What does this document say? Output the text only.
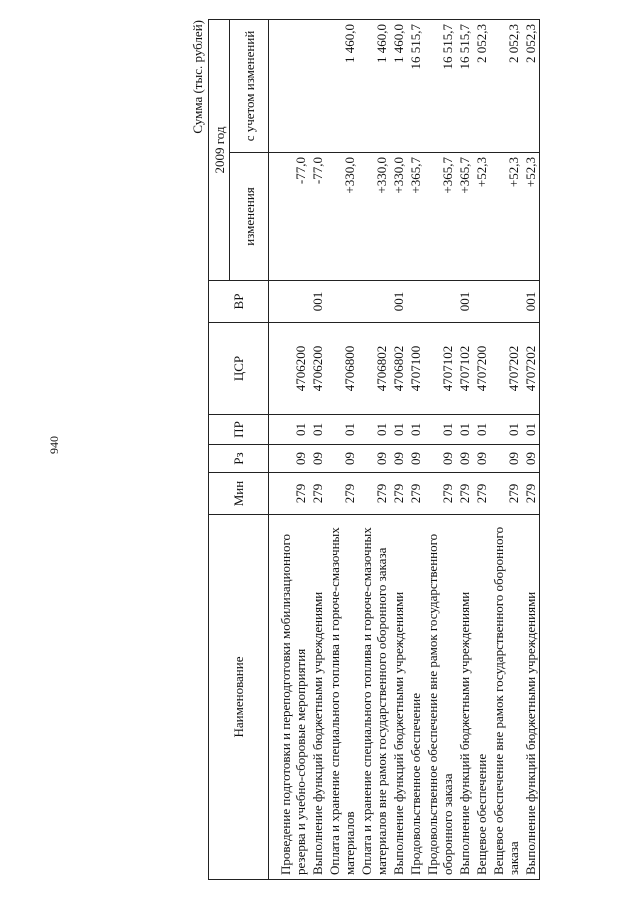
940
Сумма (тыс. рублей)
Наименование	Мин	Рз	ПР	ЦСР	ВР	2009 год	
						изменения	с учетом изменений

Проведение подготовки и переподготовки мобилизационного резерва и учебно-сборовые мероприятия	279	09	01	4706200		-77,0	
Выполнение функций бюджетными учреждениями	279	09	01	4706200	001	-77,0	
Оплата и хранение специального топлива и горюче-смазочных материалов	279	09	01	4706800		+330,0	1 460,0
Оплата и хранение специального топлива и горюче-смазочных материалов вне рамок государственного оборонного заказа	279	09	01	4706802		+330,0	1 460,0
Выполнение функций бюджетными учреждениями	279	09	01	4706802	001	+330,0	1 460,0
Продовольственное обеспечение	279	09	01	4707100		+365,7	16 515,7
Продовольственное обеспечение вне рамок государственного оборонного заказа	279	09	01	4707102		+365,7	16 515,7
Выполнение функций бюджетными учреждениями	279	09	01	4707102	001	+365,7	16 515,7
Вещевое обеспечение	279	09	01	4707200		+52,3	2 052,3
Вещевое обеспечение вне рамок государственного оборонного заказа	279	09	01	4707202		+52,3	2 052,3
Выполнение функций бюджетными учреждениями	279	09	01	4707202	001	+52,3	2 052,3
